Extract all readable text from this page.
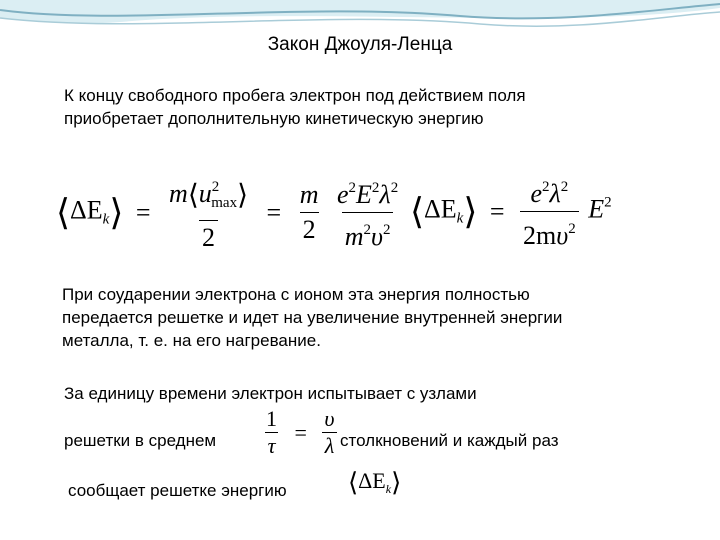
Закон Джоуля-Ленца
К концу свободного пробега электрон под действием поля
приобретает дополнительную кинетическую энергию
$⟨\Delta E_k⟩ = \frac{m⟨u^2_{max}⟩}{2} = \frac{m}{2}$
$\frac{e^2E^2\lambda^2}{m^2\upsilon^2}$ $⟨\Delta E_k⟩ = \frac{e^2\lambda^2}{2m\upsilon^2} E^2$
При соударении электрона с ионом эта энергия полностью
передается решетке и идет на увеличение внутренней энергии
металла, т. е. на его нагревание.
За единицу времени электрон испытывает с узлами
решетки в среднем $\frac{1}{\tau} = \frac{\upsilon}{\lambda}$ столкновений и каждый раз
сообщает решетке энергию $⟨\Delta E_k⟩$
